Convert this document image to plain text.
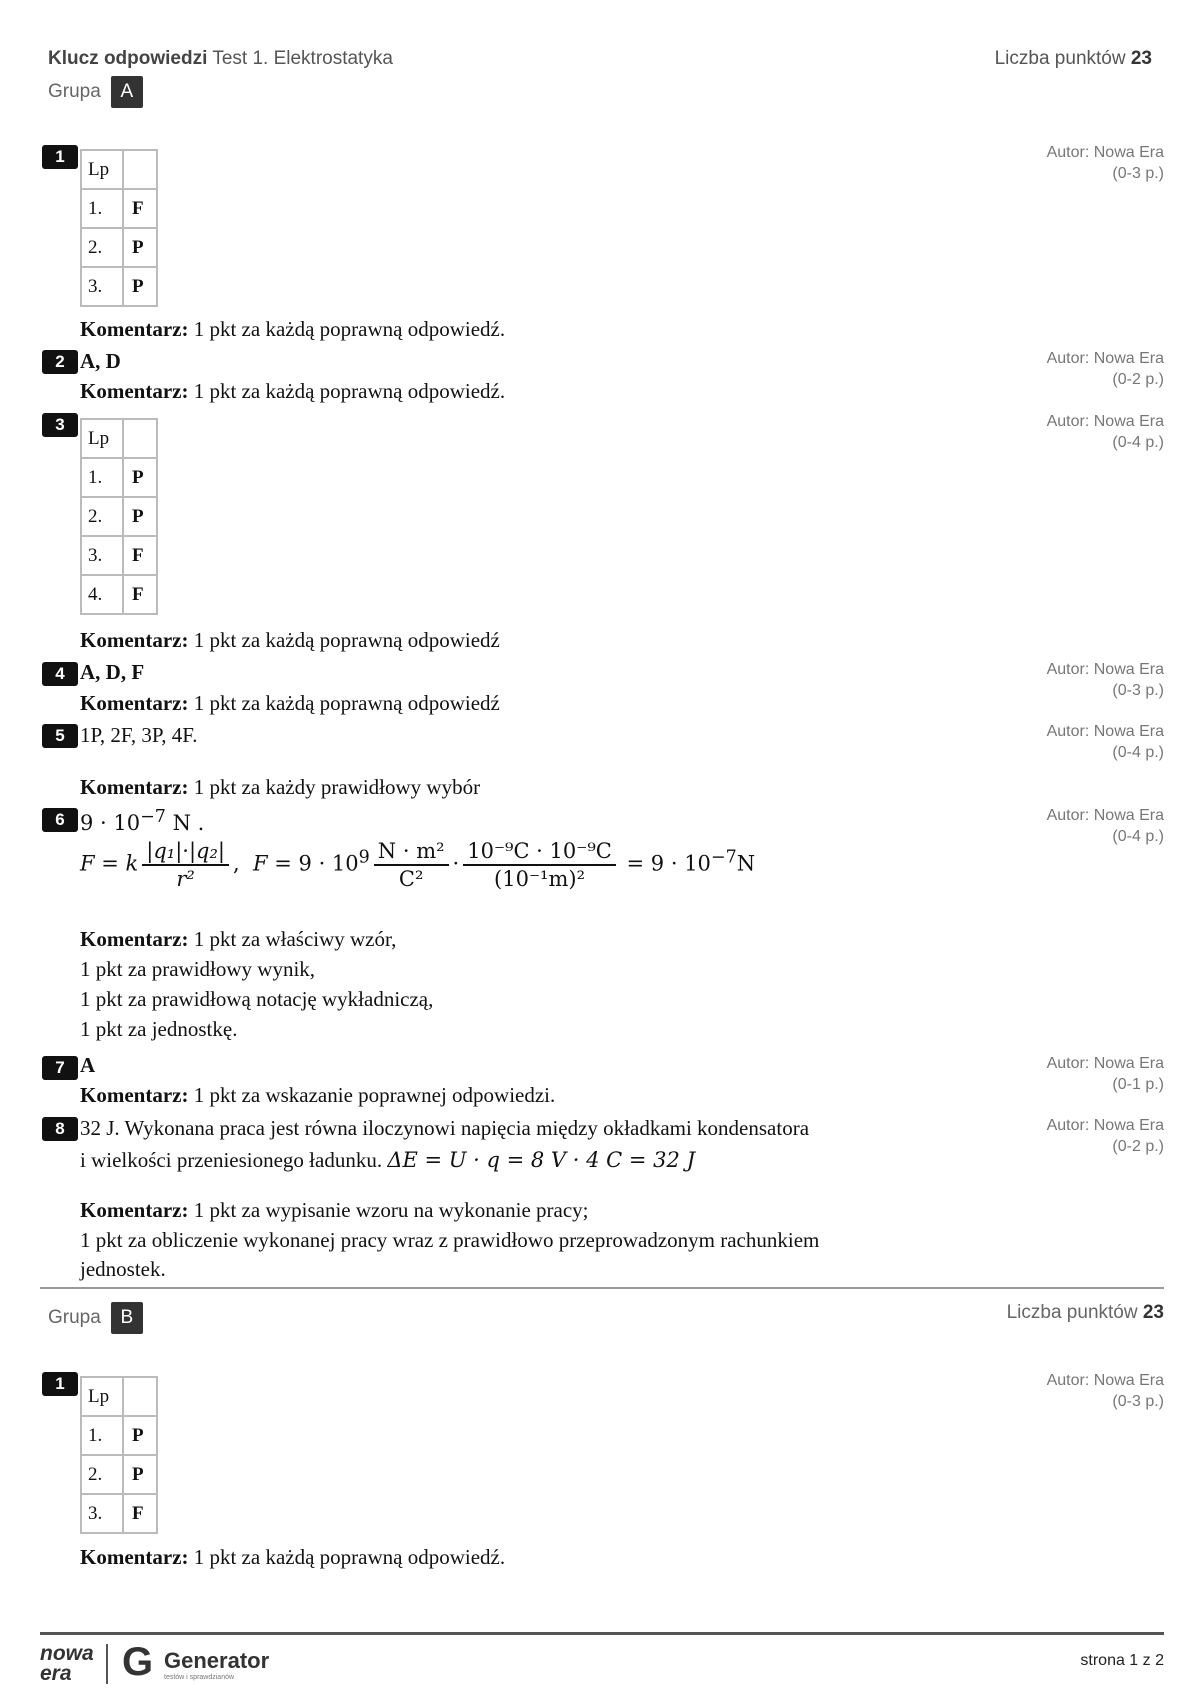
Klucz odpowiedzi Test 1. Elektrostatyka	Liczba punktów 23
Grupa A
1	Autor: Nowa Era
(0-3 p.)
Lp	
1.	F
2.	P
3.	P
Komentarz: 1 pkt za każdą poprawną odpowiedź.
2	Autor: Nowa Era
(0-2 p.)
A, D
Komentarz: 1 pkt za każdą poprawną odpowiedź.
3	Autor: Nowa Era
(0-4 p.)
Lp	
1.	P
2.	P
3.	F
4.	F
Komentarz: 1 pkt za każdą poprawną odpowiedź
4	Autor: Nowa Era
(0-3 p.)
A, D, F
Komentarz: 1 pkt za każdą poprawną odpowiedź
5	Autor: Nowa Era
(0-4 p.)
1P, 2F, 3P, 4F.
Komentarz: 1 pkt za każdy prawidłowy wybór
6	Autor: Nowa Era
(0-4 p.)
$9 \cdot 10^{-7}$ N .
F = k $\frac{\text{|q₁|·|q₂|}}{\text{r²}}$ , $F = 9 \cdot 10^9 \frac{\text{N · m²}}{\text{C²}} \cdot \frac{\text{10⁻⁹C · 10⁻⁹C}}{\text{(10⁻¹m)²}} = 9 \cdot 10^{-7}N$
Komentarz: 1 pkt za właściwy wzór,
1 pkt za prawidłowy wynik,
1 pkt za prawidłową notację wykładniczą,
1 pkt za jednostkę.
7	Autor: Nowa Era
(0-1 p.)
A
Komentarz: 1 pkt za wskazanie poprawnej odpowiedzi.
8	Autor: Nowa Era
(0-2 p.)
32 J. Wykonana praca jest równa iloczynowi napięcia między okładkami kondensatora
i wielkości przeniesionego ładunku. ΔE = U · q = 8 V · 4 C = 32 J
Komentarz: 1 pkt za wypisanie wzoru na wykonanie pracy;
1 pkt za obliczenie wykonanej pracy wraz z prawidłowo przeprowadzonym rachunkiem
jednostek.
Grupa B	Liczba punktów 23
1	Autor: Nowa Era
(0-3 p.)
Lp	
1.	P
2.	P
3.	F
Komentarz: 1 pkt za każdą poprawną odpowiedź.
nowa
era	G Generator
testów i sprawdzianów
strona 1 z 2
